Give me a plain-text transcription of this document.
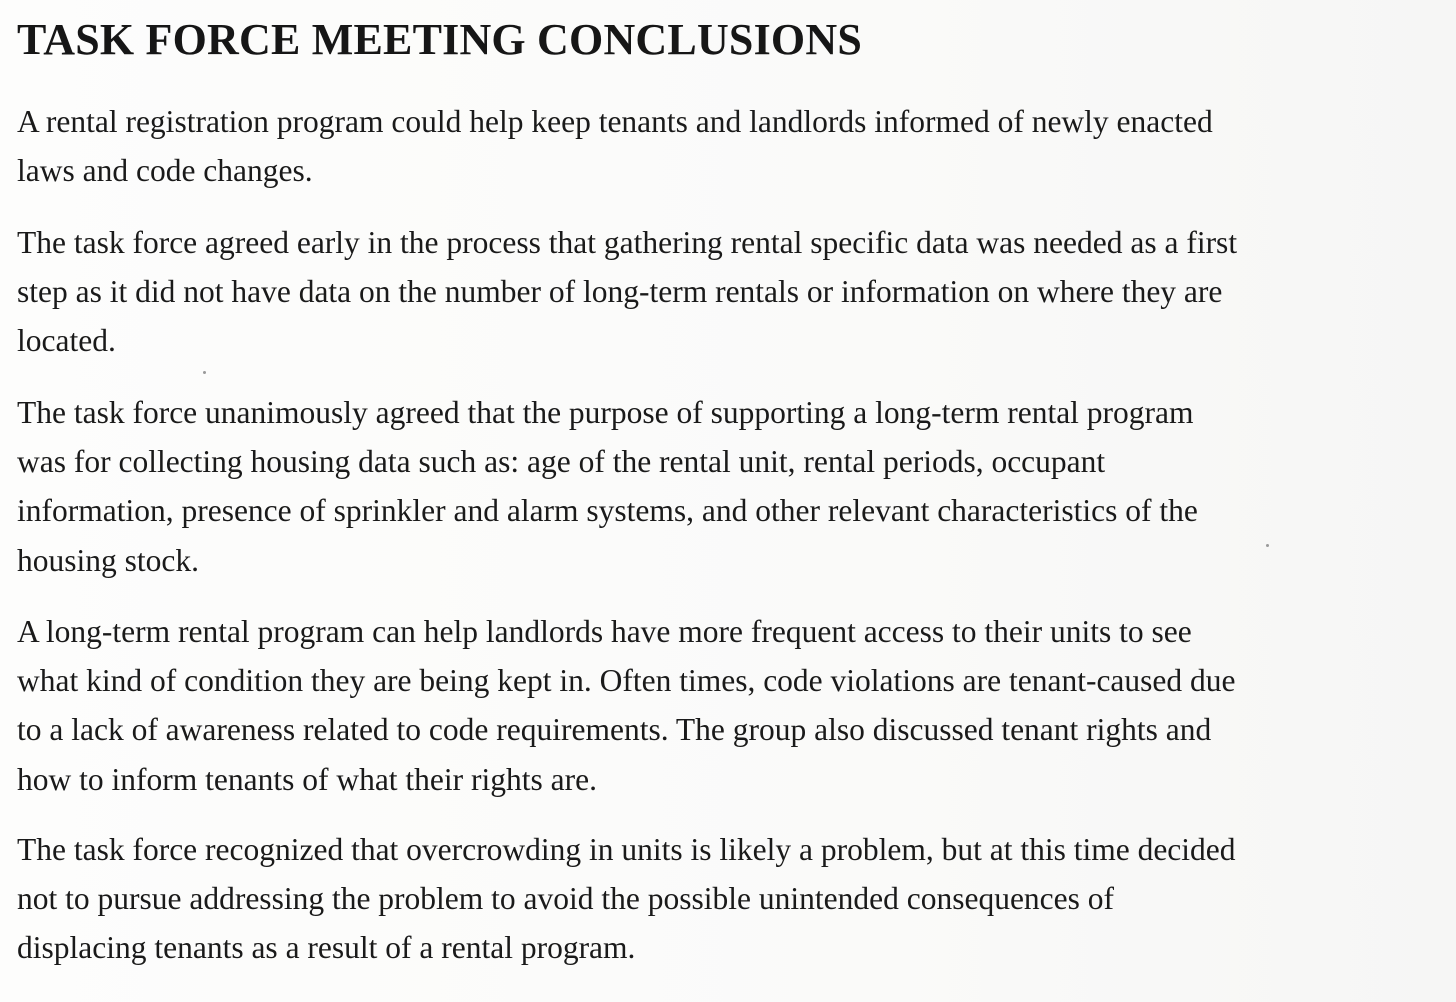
TASK FORCE MEETING CONCLUSIONS

A rental registration program could help keep tenants and landlords informed of newly enacted
laws and code changes.

The task force agreed early in the process that gathering rental specific data was needed as a first
step as it did not have data on the number of long-term rentals or information on where they are
located.

The task force unanimously agreed that the purpose of supporting a long-term rental program
was for collecting housing data such as: age of the rental unit, rental periods, occupant
information, presence of sprinkler and alarm systems, and other relevant characteristics of the
housing stock.

A long-term rental program can help landlords have more frequent access to their units to see
what kind of condition they are being kept in. Often times, code violations are tenant-caused due
to a lack of awareness related to code requirements. The group also discussed tenant rights and
how to inform tenants of what their rights are.

The task force recognized that overcrowding in units is likely a problem, but at this time decided
not to pursue addressing the problem to avoid the possible unintended consequences of
displacing tenants as a result of a rental program.
